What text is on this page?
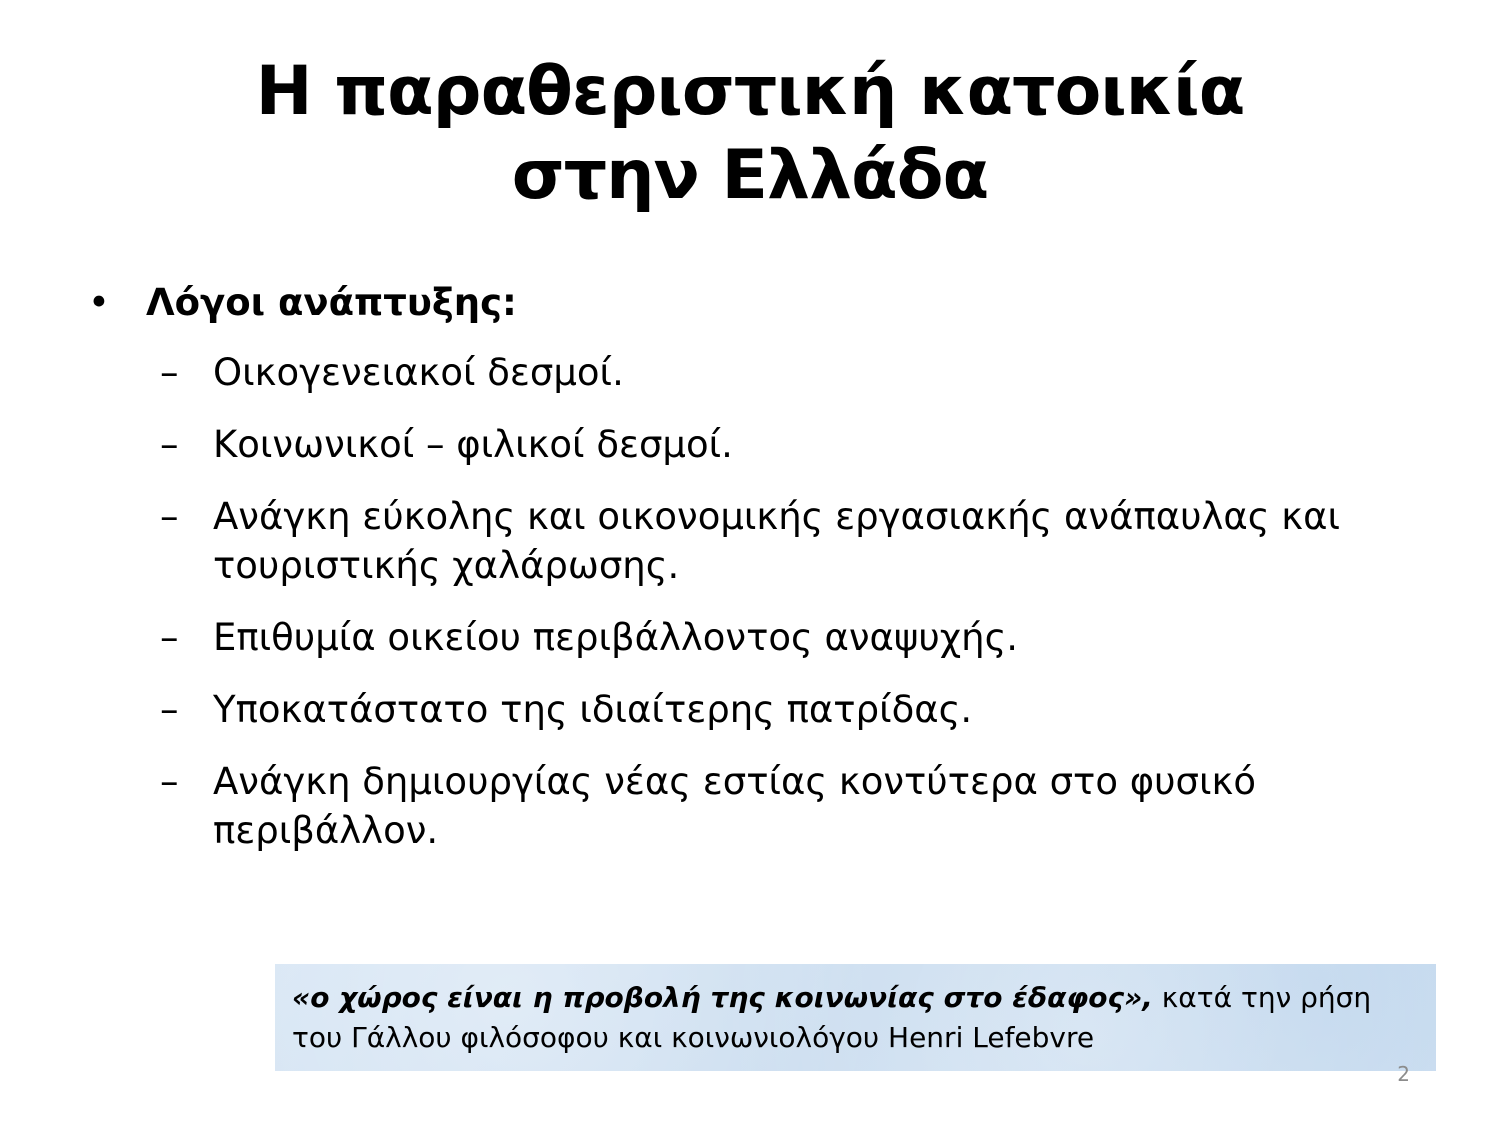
Η παραθεριστική κατοικία
στην Ελλάδα
• Λόγοι ανάπτυξης:
– Οικογενειακοί δεσμοί.
– Κοινωνικοί – φιλικοί δεσμοί.
– Ανάγκη εύκολης και οικονομικής εργασιακής ανάπαυλας και τουριστικής χαλάρωσης.
– Επιθυμία οικείου περιβάλλοντος αναψυχής.
– Υποκατάστατο της ιδιαίτερης πατρίδας.
– Ανάγκη δημιουργίας νέας εστίας κοντύτερα στο φυσικό περιβάλλον.
«ο χώρος είναι η προβολή της κοινωνίας στο έδαφος», κατά την ρήση του Γάλλου φιλόσοφου και κοινωνιολόγου Henri Lefebvre
2
